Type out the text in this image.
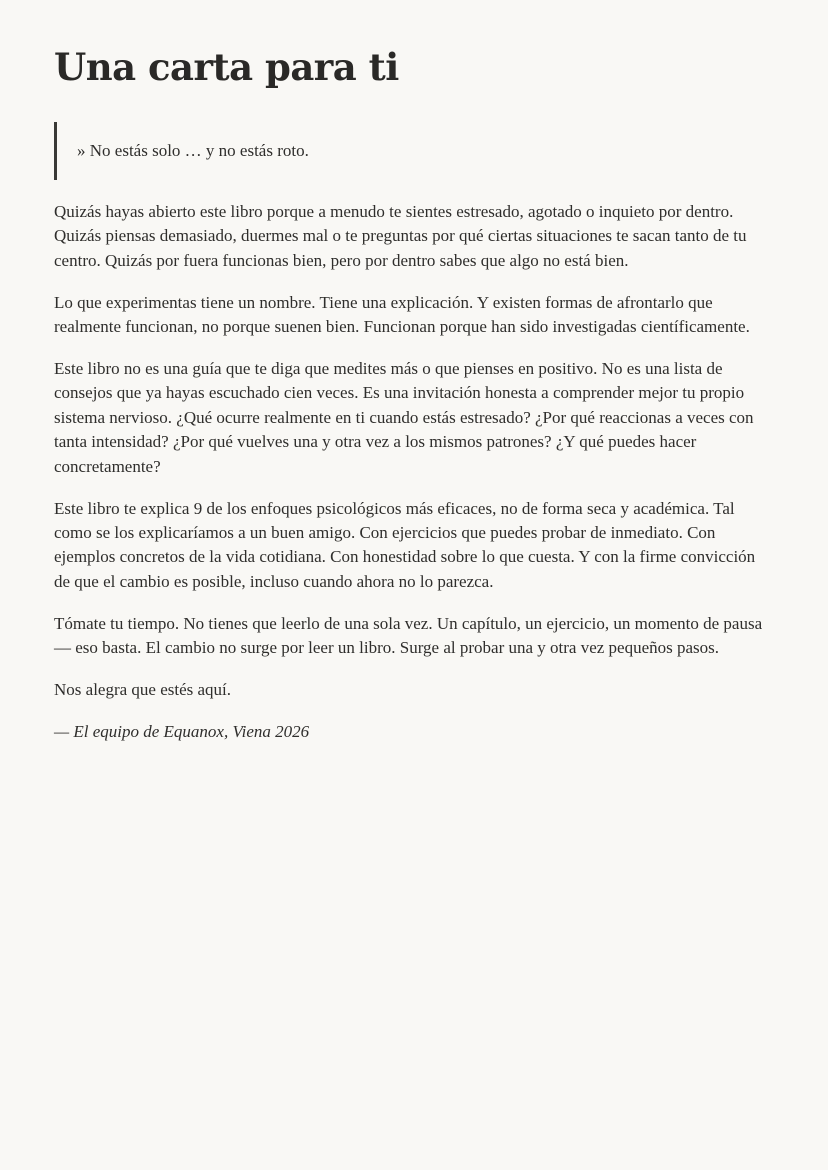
Una carta para ti
» No estás solo … y no estás roto.

Quizás hayas abierto este libro porque a menudo te sientes estresado, agotado o inquieto por dentro. Quizás piensas demasiado, duermes mal o te preguntas por qué ciertas situaciones te sacan tanto de tu centro. Quizás por fuera funcionas bien, pero por dentro sabes que algo no está bien.

Lo que experimentas tiene un nombre. Tiene una explicación. Y existen formas de afrontarlo que realmente funcionan, no porque suenen bien. Funcionan porque han sido investigadas científicamente.

Este libro no es una guía que te diga que medites más o que pienses en positivo. No es una lista de consejos que ya hayas escuchado cien veces. Es una invitación honesta a comprender mejor tu propio sistema nervioso. ¿Qué ocurre realmente en ti cuando estás estresado? ¿Por qué reaccionas a veces con tanta intensidad? ¿Por qué vuelves una y otra vez a los mismos patrones? ¿Y qué puedes hacer concretamente?

Este libro te explica 9 de los enfoques psicológicos más eficaces, no de forma seca y académica. Tal como se los explicaríamos a un buen amigo. Con ejercicios que puedes probar de inmediato. Con ejemplos concretos de la vida cotidiana. Con honestidad sobre lo que cuesta. Y con la firme convicción de que el cambio es posible, incluso cuando ahora no lo parezca.

Tómate tu tiempo. No tienes que leerlo de una sola vez. Un capítulo, un ejercicio, un momento de pausa — eso basta. El cambio no surge por leer un libro. Surge al probar una y otra vez pequeños pasos.

Nos alegra que estés aquí.

— El equipo de Equanox, Viena 2026
